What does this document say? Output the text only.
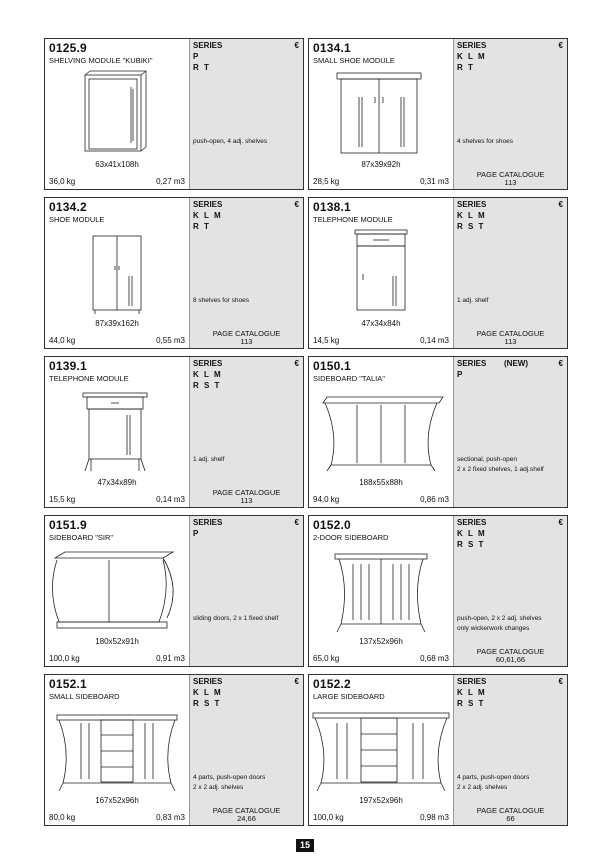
0125.9
SHELVING MODULE "KUBIKI"
63x41x108h
36,0 kg	0,27 m3
SERIES	€
P
R T
push-open, 4 adj. shelves
0134.1
SMALL SHOE MODULE
87x39x92h
28,5 kg	0,31 m3
SERIES	€
K L M
R T
4 shelves for shoes
PAGE CATALOGUE
113
0134.2
SHOE MODULE
87x39x162h
44,0 kg	0,55 m3
SERIES	€
K L M
R T
8 shelves for shoes
PAGE CATALOGUE
113
0138.1
TELEPHONE MODULE
47x34x84h
14,5 kg	0,14 m3
SERIES	€
K L M
R S T
1 adj. shelf
PAGE CATALOGUE
113
0139.1
TELEPHONE MODULE
47x34x89h
15,5 kg	0,14 m3
SERIES	€
K L M
R S T
1 adj. shelf
PAGE CATALOGUE
113
0150.1
SIDEBOARD "TALIA"
188x55x88h
94,0 kg	0,86 m3
SERIES (NEW)	€
P
sectional, push-open
2 x 2 fixed shelves, 1 adj.shelf
0151.9
SIDEBOARD "SIR"
180x52x91h
100,0 kg	0,91 m3
SERIES	€
P
sliding doors, 2 x 1 fixed shelf
0152.0
2-DOOR SIDEBOARD
137x52x96h
65,0 kg	0,68 m3
SERIES	€
K L M
R S T
push-open, 2 x 2 adj. shelves
only wickerwork changes
PAGE CATALOGUE
60,61,66
0152.1
SMALL SIDEBOARD
167x52x96h
80,0 kg	0,83 m3
SERIES	€
K L M
R S T
4 parts, push-open doors
2 x 2 adj. shelves
PAGE CATALOGUE
24,66
0152.2
LARGE SIDEBOARD
197x52x96h
100,0 kg	0,98 m3
SERIES	€
K L M
R S T
4 parts, push-open doors
2 x 2 adj. shelves
PAGE CATALOGUE
66
15
